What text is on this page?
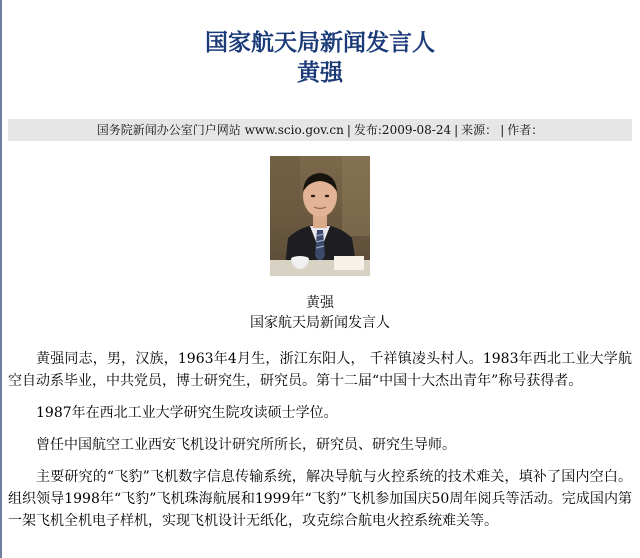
国家航天局新闻发言人
黄强
国务院新闻办公室门户网站 www.scio.gov.cn | 发布:2009-08-24 | 来源： | 作者：
黄强
国家航天局新闻发言人

黄强同志，男，汉族，1963年4月生，浙江东阳人， 千祥镇凌头村人。1983年西北工业大学航空自动系毕业，中共党员，博士研究生，研究员。第十二届“中国十大杰出青年”称号获得者。

1987年在西北工业大学研究生院攻读硕士学位。

曾任中国航空工业西安飞机设计研究所所长，研究员、研究生导师。

主要研究的“飞豹”飞机数字信息传输系统，解决导航与火控系统的技术难关，填补了国内空白。组织领导1998年“飞豹”飞机珠海航展和1999年“飞豹”飞机参加国庆50周年阅兵等活动。完成国内第一架飞机全机电子样机，实现飞机设计无纸化，攻克综合航电火控系统难关等。
